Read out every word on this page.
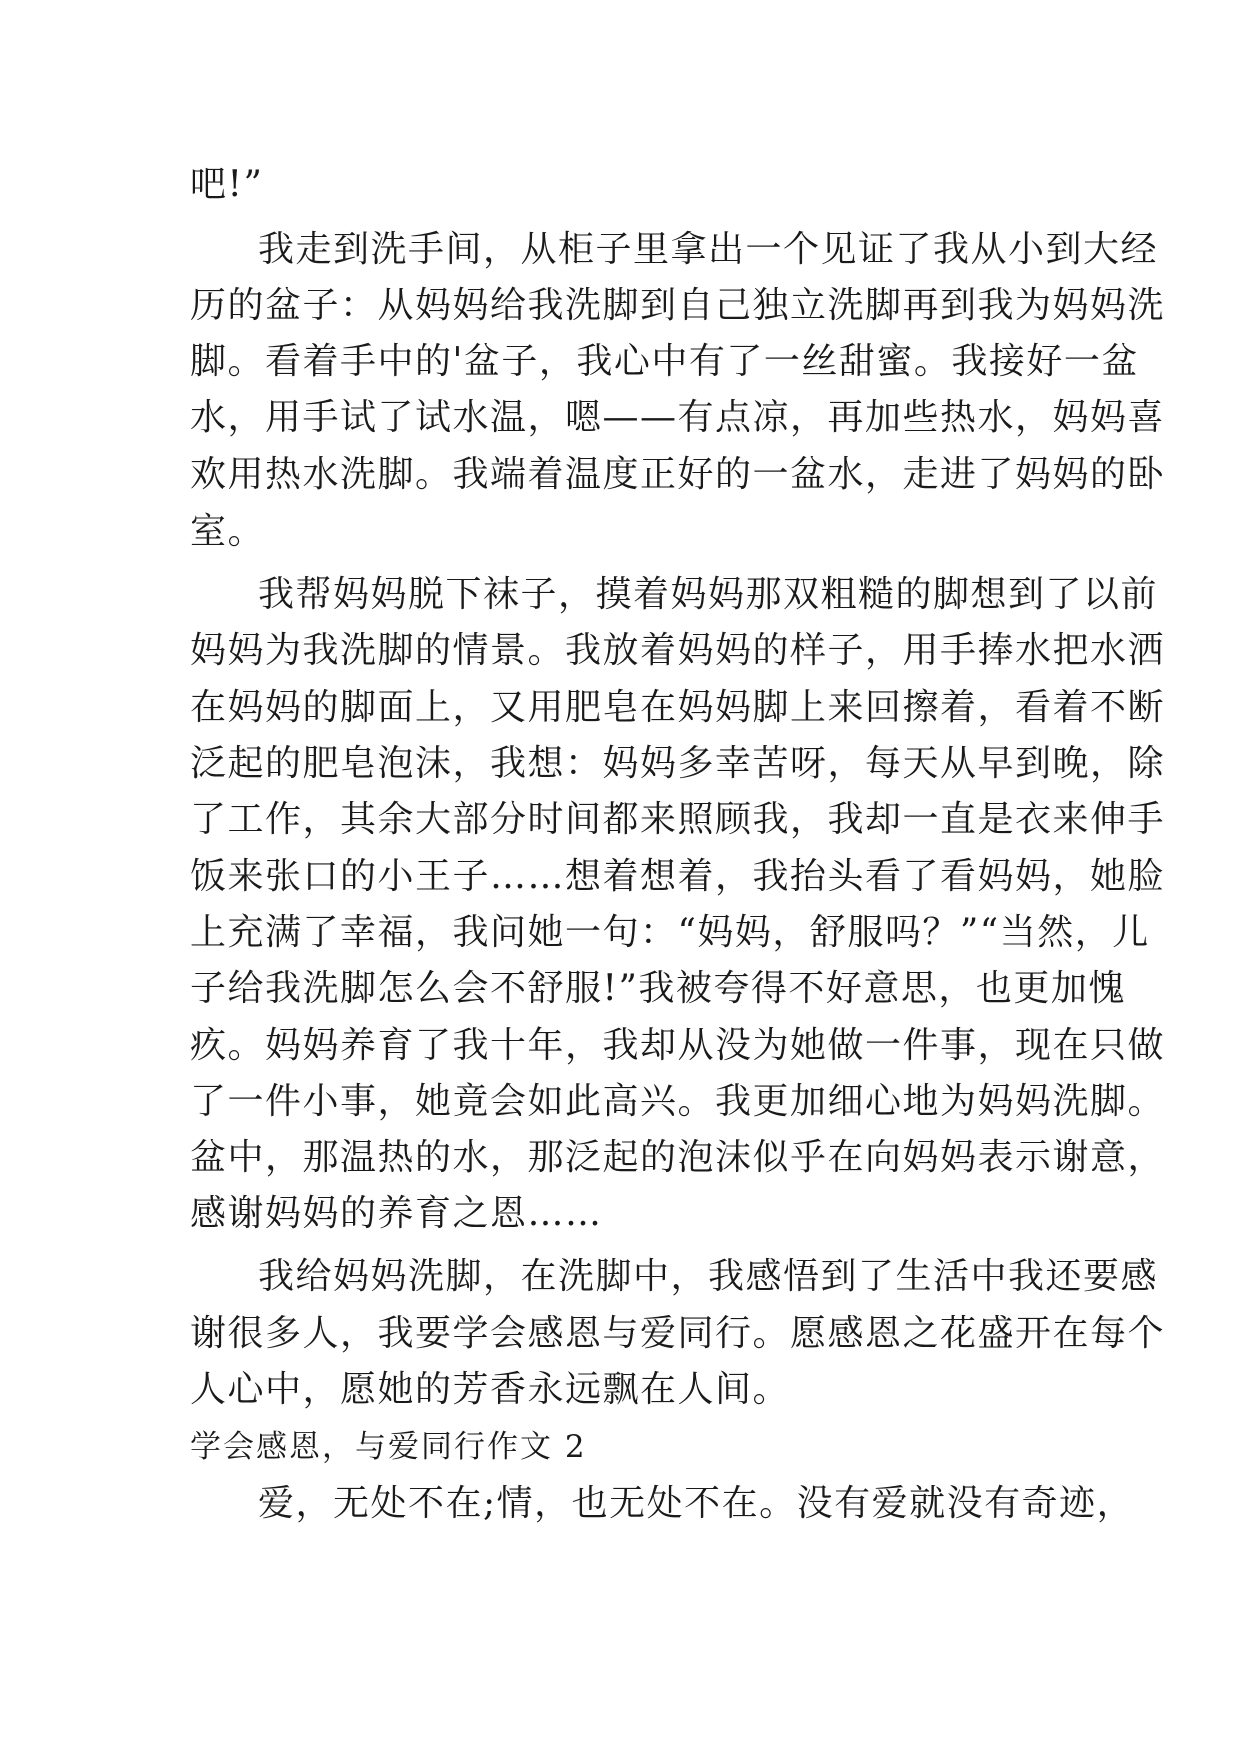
吧!”
我走到洗手间，从柜子里拿出一个见证了我从小到大经
历的盆子：从妈妈给我洗脚到自己独立洗脚再到我为妈妈洗
脚。看着手中的'盆子，我心中有了一丝甜蜜。我接好一盆
水，用手试了试水温，嗯——有点凉，再加些热水，妈妈喜
欢用热水洗脚。我端着温度正好的一盆水，走进了妈妈的卧
室。
我帮妈妈脱下袜子，摸着妈妈那双粗糙的脚想到了以前
妈妈为我洗脚的情景。我放着妈妈的样子，用手捧水把水洒
在妈妈的脚面上，又用肥皂在妈妈脚上来回擦着，看着不断
泛起的肥皂泡沫，我想：妈妈多幸苦呀，每天从早到晚，除
了工作，其余大部分时间都来照顾我，我却一直是衣来伸手
饭来张口的小王子……想着想着，我抬头看了看妈妈，她脸
上充满了幸福，我问她一句：“妈妈，舒服吗？”“当然，儿
子给我洗脚怎么会不舒服!”我被夸得不好意思，也更加愧
疚。妈妈养育了我十年，我却从没为她做一件事，现在只做
了一件小事，她竟会如此高兴。我更加细心地为妈妈洗脚。
盆中，那温热的水，那泛起的泡沫似乎在向妈妈表示谢意，
感谢妈妈的养育之恩……
我给妈妈洗脚，在洗脚中，我感悟到了生活中我还要感
谢很多人，我要学会感恩与爱同行。愿感恩之花盛开在每个
人心中，愿她的芳香永远飘在人间。
学会感恩，与爱同行作文 2
爱，无处不在;情，也无处不在。没有爱就没有奇迹，
